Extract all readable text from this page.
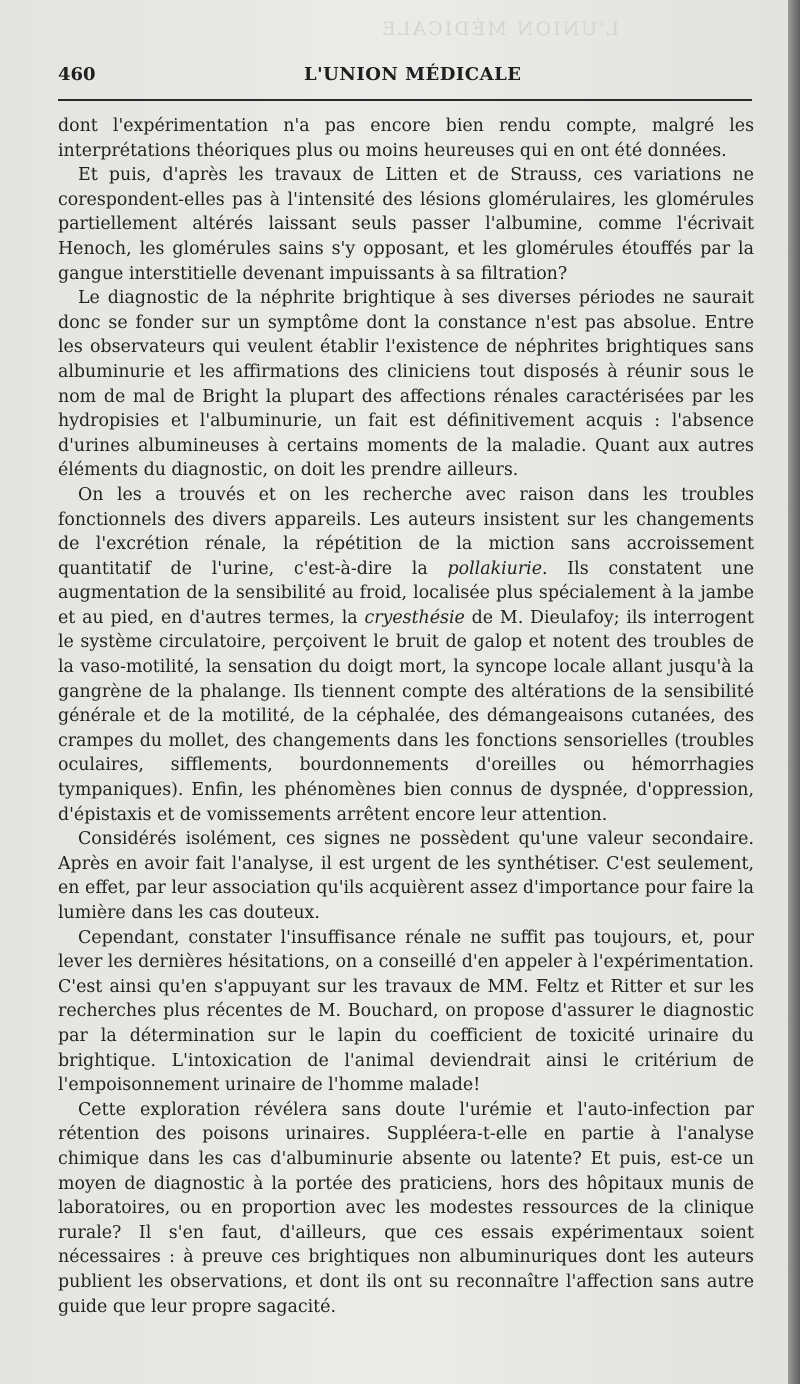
L'UNION MÉDICALE
460	L'UNION MÉDICALE

dont l'expérimentation n'a pas encore bien rendu compte, malgré les interprétations théoriques plus ou moins heureuses qui en ont été données.

Et puis, d'après les travaux de Litten et de Strauss, ces variations ne corespondent-elles pas à l'intensité des lésions glomérulaires, les glomérules partiellement altérés laissant seuls passer l'albumine, comme l'écrivait Henoch, les glomérules sains s'y opposant, et les glomérules étouffés par la gangue interstitielle devenant impuissants à sa filtration?

Le diagnostic de la néphrite brightique à ses diverses périodes ne saurait donc se fonder sur un symptôme dont la constance n'est pas absolue. Entre les observateurs qui veulent établir l'existence de néphrites brightiques sans albuminurie et les affirmations des cliniciens tout disposés à réunir sous le nom de mal de Bright la plupart des affections rénales caractérisées par les hydropisies et l'albuminurie, un fait est définitivement acquis : l'absence d'urines albumineuses à certains moments de la maladie. Quant aux autres éléments du diagnostic, on doit les prendre ailleurs.

On les a trouvés et on les recherche avec raison dans les troubles fonctionnels des divers appareils. Les auteurs insistent sur les changements de l'excrétion rénale, la répétition de la miction sans accroissement quantitatif de l'urine, c'est-à-dire la pollakiurie. Ils constatent une augmentation de la sensibilité au froid, localisée plus spécialement à la jambe et au pied, en d'autres termes, la cryesthésie de M. Dieulafoy; ils interrogent le système circulatoire, perçoivent le bruit de galop et notent des troubles de la vaso-motilité, la sensation du doigt mort, la syncope locale allant jusqu'à la gangrène de la phalange. Ils tiennent compte des altérations de la sensibilité générale et de la motilité, de la céphalée, des démangeaisons cutanées, des crampes du mollet, des changements dans les fonctions sensorielles (troubles oculaires, sifflements, bourdonnements d'oreilles ou hémorrhagies tympaniques). Enfin, les phénomènes bien connus de dyspnée, d'oppression, d'épistaxis et de vomissements arrêtent encore leur attention.

Considérés isolément, ces signes ne possèdent qu'une valeur secondaire. Après en avoir fait l'analyse, il est urgent de les synthétiser. C'est seulement, en effet, par leur association qu'ils acquièrent assez d'importance pour faire la lumière dans les cas douteux.

Cependant, constater l'insuffisance rénale ne suffit pas toujours, et, pour lever les dernières hésitations, on a conseillé d'en appeler à l'expérimentation. C'est ainsi qu'en s'appuyant sur les travaux de MM. Feltz et Ritter et sur les recherches plus récentes de M. Bouchard, on propose d'assurer le diagnostic par la détermination sur le lapin du coefficient de toxicité urinaire du brightique. L'intoxication de l'animal deviendrait ainsi le critérium de l'empoisonnement urinaire de l'homme malade!

Cette exploration révélera sans doute l'urémie et l'auto-infection par rétention des poisons urinaires. Suppléera-t-elle en partie à l'analyse chimique dans les cas d'albuminurie absente ou latente? Et puis, est-ce un moyen de diagnostic à la portée des praticiens, hors des hôpitaux munis de laboratoires, ou en proportion avec les modestes ressources de la clinique rurale? Il s'en faut, d'ailleurs, que ces essais expérimentaux soient nécessaires : à preuve ces brightiques non albuminuriques dont les auteurs publient les observations, et dont ils ont su reconnaître l'affection sans autre guide que leur propre sagacité.
